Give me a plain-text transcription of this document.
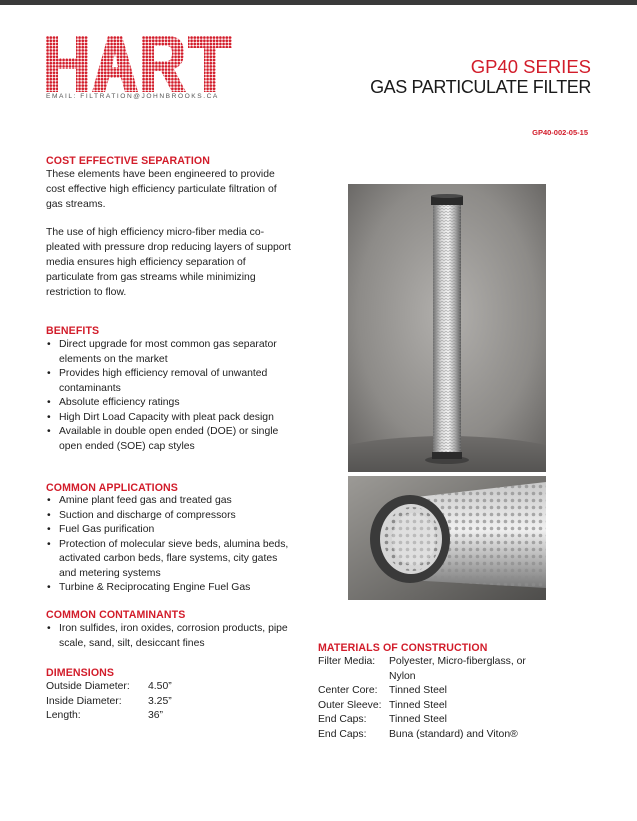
EMAIL: FILTRATION@JOHNBROOKS.CA
GP40 SERIES
GAS PARTICULATE FILTER
GP40-002-05-15
COST EFFECTIVE SEPARATION

These elements have been engineered to provide cost effective high efficiency particulate filtration of gas streams.

The use of high efficiency micro-fiber media co-pleated with pressure drop reducing layers of support media ensures high efficiency separation of particulate from gas streams while minimizing restriction to flow.

BENEFITS
• Direct upgrade for most common gas separator elements on the market
• Provides high efficiency removal of unwanted contaminants
• Absolute efficiency ratings
• High Dirt Load Capacity with pleat pack design
• Available in double open ended (DOE) or single open ended (SOE) cap styles
COMMON APPLICATIONS
• Amine plant feed gas and treated gas
• Suction and discharge of compressors
• Fuel Gas purification
• Protection of molecular sieve beds, alumina beds, activated carbon beds, flare systems, city gates and metering systems
• Turbine & Reciprocating Engine Fuel Gas
COMMON CONTAMINANTS
• Iron sulfides, iron oxides, corrosion products, pipe scale, sand, silt, desiccant fines
DIMENSIONS
Outside Diameter:	4.50”
Inside Diameter:	3.25”
Length:	36”
MATERIALS OF CONSTRUCTION
Filter Media:	Polyester, Micro-fiberglass, or Nylon
Center Core:	Tinned Steel
Outer Sleeve: Tinned Steel
End Caps:	Tinned Steel
End Caps:	Buna (standard) and Viton®
